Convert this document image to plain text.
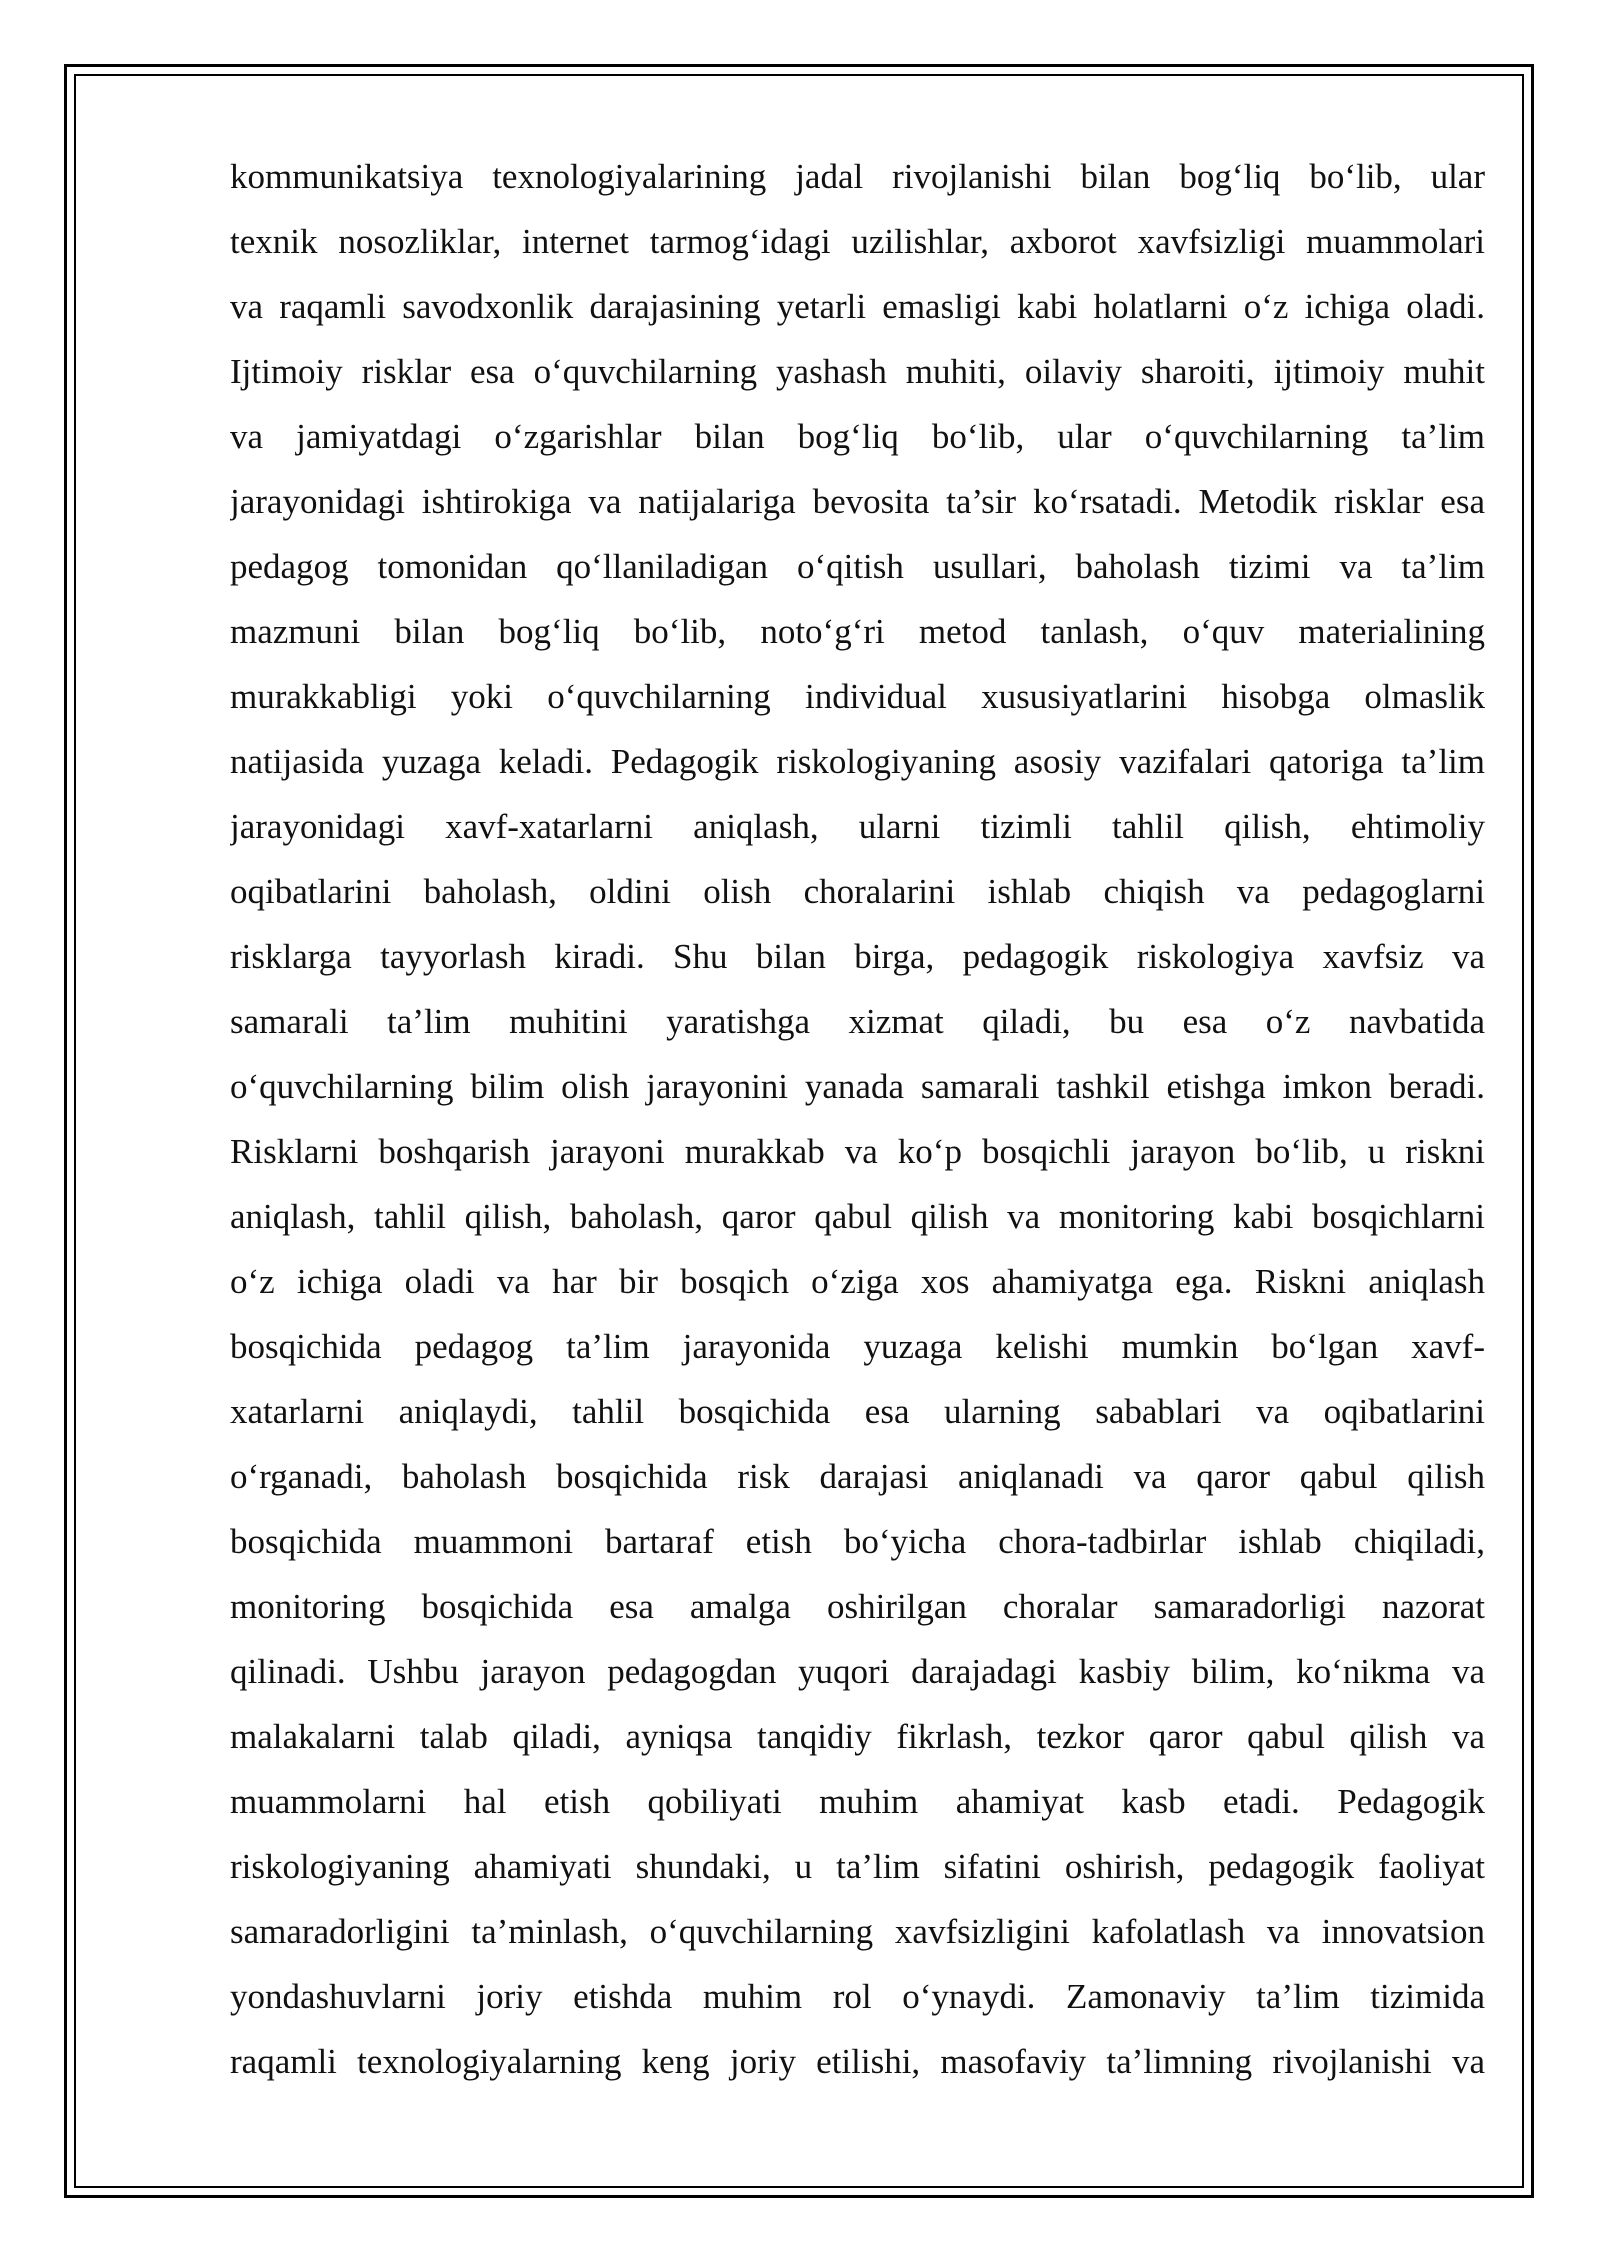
kommunikatsiya texnologiyalarining jadal rivojlanishi bilan bog‘liq bo‘lib, ular
texnik nosozliklar, internet tarmog‘idagi uzilishlar, axborot xavfsizligi muammolari
va raqamli savodxonlik darajasining yetarli emasligi kabi holatlarni o‘z ichiga oladi.
Ijtimoiy risklar esa o‘quvchilarning yashash muhiti, oilaviy sharoiti, ijtimoiy muhit
va jamiyatdagi o‘zgarishlar bilan bog‘liq bo‘lib, ular o‘quvchilarning ta’lim
jarayonidagi ishtirokiga va natijalariga bevosita ta’sir ko‘rsatadi. Metodik risklar esa
pedagog tomonidan qo‘llaniladigan o‘qitish usullari, baholash tizimi va ta’lim
mazmuni bilan bog‘liq bo‘lib, noto‘g‘ri metod tanlash, o‘quv materialining
murakkabligi yoki o‘quvchilarning individual xususiyatlarini hisobga olmaslik
natijasida yuzaga keladi. Pedagogik riskologiyaning asosiy vazifalari qatoriga ta’lim
jarayonidagi xavf-xatarlarni aniqlash, ularni tizimli tahlil qilish, ehtimoliy
oqibatlarini baholash, oldini olish choralarini ishlab chiqish va pedagoglarni
risklarga tayyorlash kiradi. Shu bilan birga, pedagogik riskologiya xavfsiz va
samarali ta’lim muhitini yaratishga xizmat qiladi, bu esa o‘z navbatida
o‘quvchilarning bilim olish jarayonini yanada samarali tashkil etishga imkon beradi.
Risklarni boshqarish jarayoni murakkab va ko‘p bosqichli jarayon bo‘lib, u riskni
aniqlash, tahlil qilish, baholash, qaror qabul qilish va monitoring kabi bosqichlarni
o‘z ichiga oladi va har bir bosqich o‘ziga xos ahamiyatga ega. Riskni aniqlash
bosqichida pedagog ta’lim jarayonida yuzaga kelishi mumkin bo‘lgan xavf-
xatarlarni aniqlaydi, tahlil bosqichida esa ularning sabablari va oqibatlarini
o‘rganadi, baholash bosqichida risk darajasi aniqlanadi va qaror qabul qilish
bosqichida muammoni bartaraf etish bo‘yicha chora-tadbirlar ishlab chiqiladi,
monitoring bosqichida esa amalga oshirilgan choralar samaradorligi nazorat
qilinadi. Ushbu jarayon pedagogdan yuqori darajadagi kasbiy bilim, ko‘nikma va
malakalarni talab qiladi, ayniqsa tanqidiy fikrlash, tezkor qaror qabul qilish va
muammolarni hal etish qobiliyati muhim ahamiyat kasb etadi. Pedagogik
riskologiyaning ahamiyati shundaki, u ta’lim sifatini oshirish, pedagogik faoliyat
samaradorligini ta’minlash, o‘quvchilarning xavfsizligini kafolatlash va innovatsion
yondashuvlarni joriy etishda muhim rol o‘ynaydi. Zamonaviy ta’lim tizimida
raqamli texnologiyalarning keng joriy etilishi, masofaviy ta’limning rivojlanishi va
